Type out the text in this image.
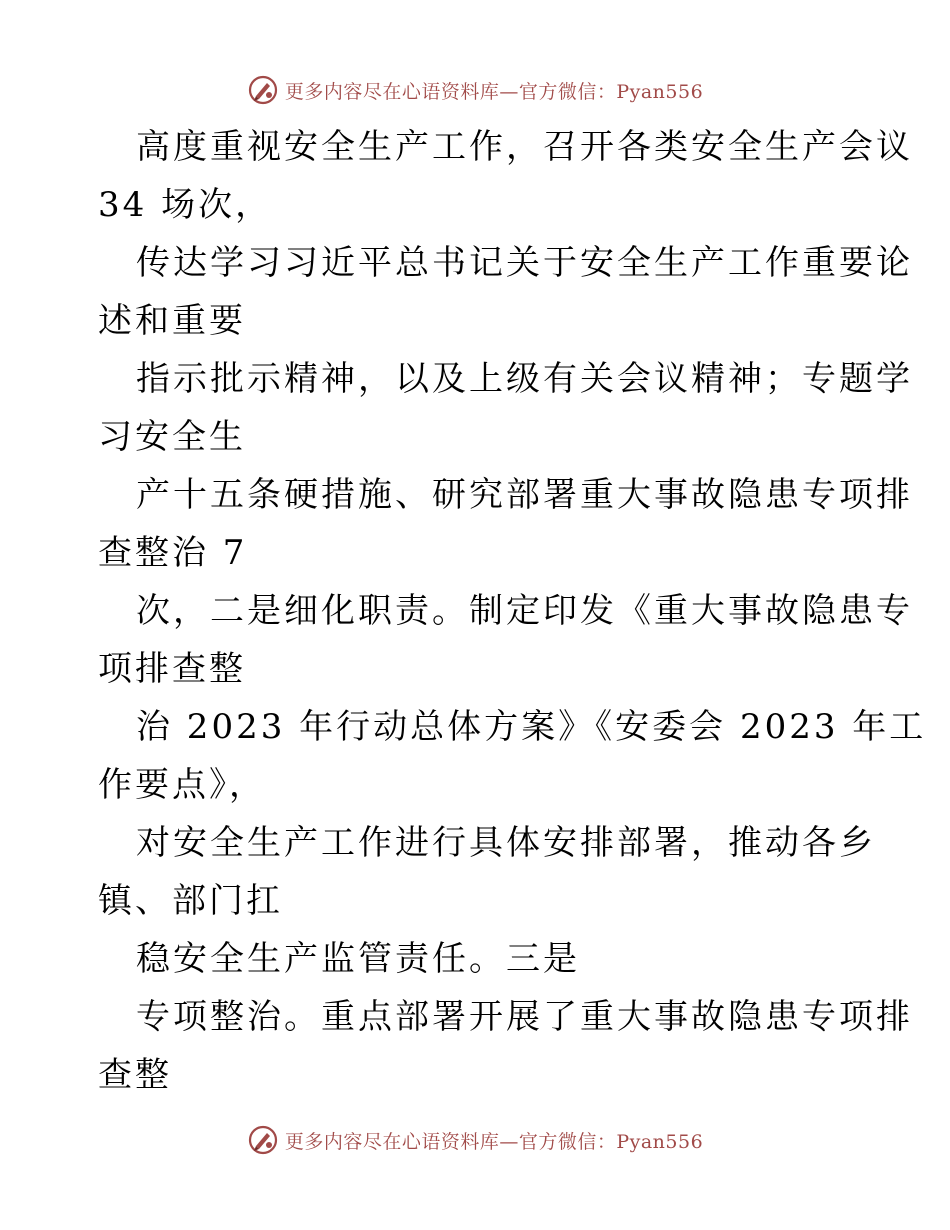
更多内容尽在心语资料库—官方微信：Pyan556
高度重视安全生产工作，召开各类安全生产会议
34 场次，
传达学习习近平总书记关于安全生产工作重要论
述和重要
指示批示精神，以及上级有关会议精神；专题学
习安全生
产十五条硬措施、研究部署重大事故隐患专项排
查整治 7
次，二是细化职责。制定印发《重大事故隐患专
项排查整
治 2023 年行动总体方案》《安委会 2023 年工
作要点》，
对安全生产工作进行具体安排部署，推动各乡
镇、部门扛
稳安全生产监管责任。三是
专项整治。重点部署开展了重大事故隐患专项排
查整
更多内容尽在心语资料库—官方微信：Pyan556
